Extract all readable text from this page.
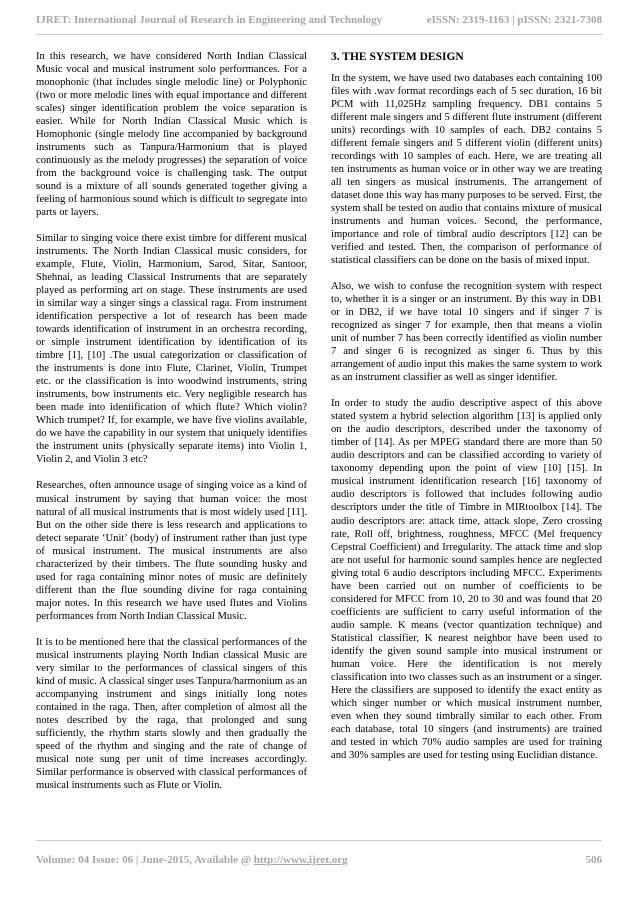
IJRET: International Journal of Research in Engineering and Technology	eISSN: 2319-1163 | pISSN: 2321-7308

In this research, we have considered North Indian Classical Music vocal and musical instrument solo performances. For a monophonic (that includes single melodic line) or Polyphonic (two or more melodic lines with equal importance and different scales) singer identification problem the voice separation is easier. While for North Indian Classical Music which is Homophonic (single melody line accompanied by background instruments such as Tanpura/Harmonium that is played continuously as the melody progresses) the separation of voice from the background voice is challenging task. The output sound is a mixture of all sounds generated together giving a feeling of harmonious sound which is difficult to segregate into parts or layers.

Similar to singing voice there exist timbre for different musical instruments. The North Indian Classical music considers, for example, Flute, Violin, Harmonium, Sarod, Sitar, Santoor, Shehnai, as leading Classical Instruments that are separately played as performing art on stage. These instruments are used in similar way a singer sings a classical raga. From instrument identification perspective a lot of research has been made towards identification of instrument in an orchestra recording, or simple instrument identification by identification of its timbre [1], [10] .The usual categorization or classification of the instruments is done into Flute, Clarinet, Violin, Trumpet etc. or the classification is into woodwind instruments, string instruments, bow instruments etc. Very negligible research has been made into identification of which flute? Which violin? Which trumpet? If, for example, we have five violins available, do we have the capability in our system that uniquely identifies the instrument units (physically separate items) into Violin 1, Violin 2, and Violin 3 etc?

Researches, often announce usage of singing voice as a kind of musical instrument by saying that human voice: the most natural of all musical instruments that is most widely used [11]. But on the other side there is less research and applications to detect separate ‘Unit’ (body) of instrument rather than just type of musical instrument. The musical instruments are also characterized by their timbers. The flute sounding husky and used for raga containing minor notes of music are definitely different than the flue sounding divine for raga containing major notes. In this research we have used flutes and Violins performances from North Indian Classical Music.

It is to be mentioned here that the classical performances of the musical instruments playing North Indian classical Music are very similar to the performances of classical singers of this kind of music. A classical singer uses Tanpura/harmonium as an accompanying instrument and sings initially long notes contained in the raga. Then, after completion of almost all the notes described by the raga, that prolonged and sung sufficiently, the rhythm starts slowly and then gradually the speed of the rhythm and singing and the rate of change of musical note sung per unit of time increases accordingly. Similar performance is observed with classical performances of musical instruments such as Flute or Violin.

3. THE SYSTEM DESIGN

In the system, we have used two databases each containing 100 files with .wav format recordings each of 5 sec duration, 16 bit PCM with 11,025Hz sampling frequency. DB1 contains 5 different male singers and 5 different flute instrument (different units) recordings with 10 samples of each. DB2 contains 5 different female singers and 5 different violin (different units) recordings with 10 samples of each. Here, we are treating all ten instruments as human voice or in other way we are treating all ten singers as musical instruments. The arrangement of dataset done this way has many purposes to be served. First, the system shall be tested on audio that contains mixture of musical instruments and human voices. Second, the performance, importance and role of timbral audio descriptors [12] can be verified and tested. Then, the comparison of performance of statistical classifiers can be done on the basis of mixed input.

Also, we wish to confuse the recognition system with respect to, whether it is a singer or an instrument. By this way in DB1 or in DB2, if we have total 10 singers and if singer 7 is recognized as singer 7 for example, then that means a violin unit of number 7 has been correctly identified as violin number 7 and singer 6 is recognized as singer 6. Thus by this arrangement of audio input this makes the same system to work as an instrument classifier as well as singer identifier.

In order to study the audio descriptive aspect of this above stated system a hybrid selection algorithm [13] is applied only on the audio descriptors, described under the taxonomy of timber of [14]. As per MPEG standard there are more than 50 audio descriptors and can be classified according to variety of taxonomy depending upon the point of view [10] [15]. In musical instrument identification research [16] taxonomy of audio descriptors is followed that includes following audio descriptors under the title of Timbre in MIRtoolbox [14]. The audio descriptors are: attack time, attack slope, Zero crossing rate, Roll off, brightness, roughness, MFCC (Mel frequency Cepstral Coefficient) and Irregularity. The attack time and slop are not useful for harmonic sound samples hence are neglected giving total 6 audio descriptors including MFCC. Experiments have been carried out on number of coefficients to be considered for MFCC from 10, 20 to 30 and was found that 20 coefficients are sufficient to carry useful information of the audio sample. K means (vector quantization technique) and Statistical classifier, K nearest neighbor have been used to identify the given sound sample into musical instrument or human voice. Here the identification is not merely classification into two classes such as an instrument or a singer. Here the classifiers are supposed to identify the exact entity as which singer number or which musical instrument number, even when they sound timbrally similar to each other. From each database, total 10 singers (and instruments) are trained and tested in which 70% audio samples are used for training and 30% samples are used for testing using Euclidian distance.

Volume: 04 Issue: 06 | June-2015, Available @ http://www.ijret.org	506
